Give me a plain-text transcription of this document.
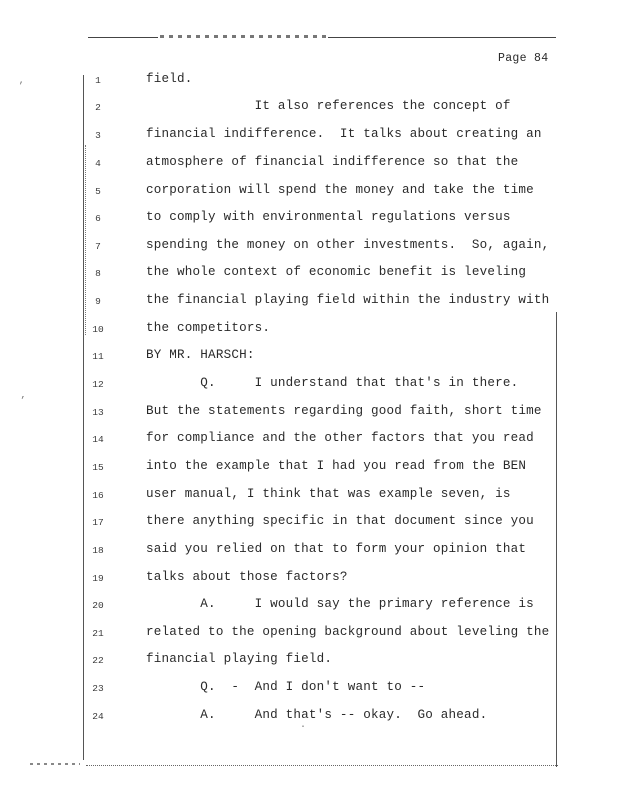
Page 84
1	field.
2	It also references the concept of
3	financial indifference.  It talks about creating an
4	atmosphere of financial indifference so that the
5	corporation will spend the money and take the time
6	to comply with environmental regulations versus
7	spending the money on other investments.  So, again,
8	the whole context of economic benefit is leveling
9	the financial playing field within the industry with
10	the competitors.
11	BY MR. HARSCH:
12	Q.     I understand that that's in there.
13	But the statements regarding good faith, short time
14	for compliance and the other factors that you read
15	into the example that I had you read from the BEN
16	user manual, I think that was example seven, is
17	there anything specific in that document since you
18	said you relied on that to form your opinion that
19	talks about those factors?
20	A.     I would say the primary reference is
21	related to the opening background about leveling the
22	financial playing field.
23	Q.  -  And I don't want to --
24	A.     And that's -- okay.  Go ahead.
’
‚
·
